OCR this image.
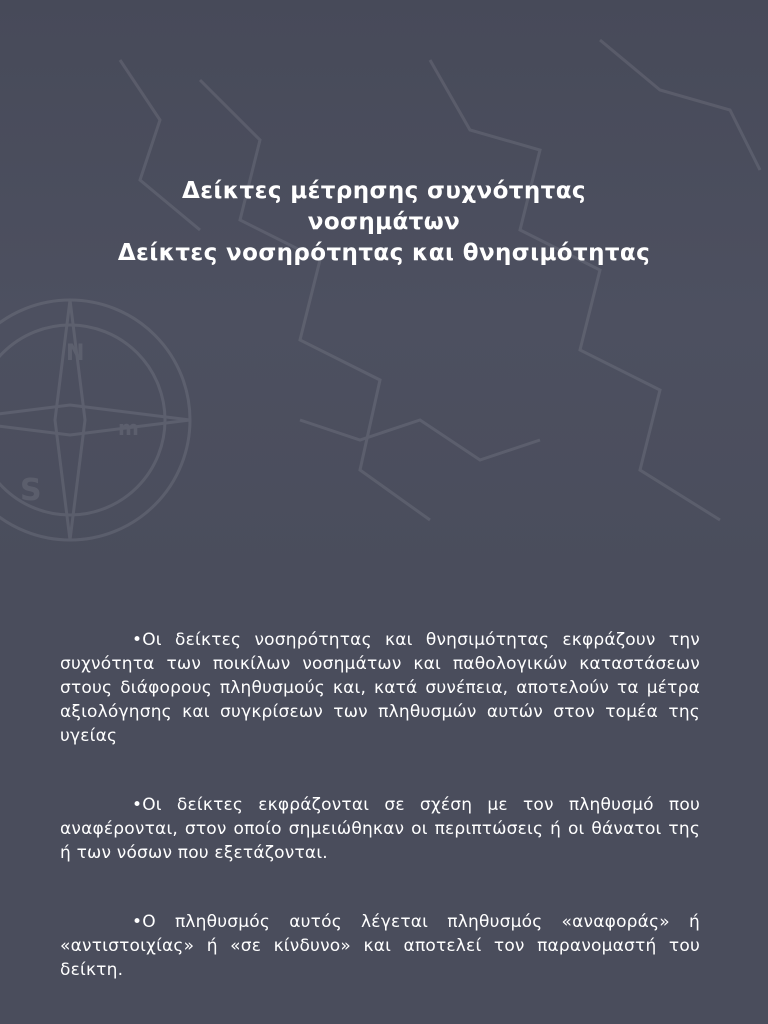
S
N
m
Δείκτες μέτρησης συχνότητας
νοσημάτων
Δείκτες νοσηρότητας και θνησιμότητας

•Οι δείκτες νοσηρότητας και θνησιμότητας εκφράζουν την συχνότητα των ποικίλων νοσημάτων και παθολογικών καταστάσεων στους διάφορους πληθυσμούς και, κατά συνέπεια, αποτελούν τα μέτρα αξιολόγησης και συγκρίσεων των πληθυσμών αυτών στον τομέα της υγείας

•Οι δείκτες εκφράζονται σε σχέση με τον πληθυσμό που αναφέρονται, στον οποίο σημειώθηκαν οι περιπτώσεις ή οι θάνατοι της ή των νόσων που εξετάζονται.

•Ο πληθυσμός αυτός λέγεται πληθυσμός «αναφοράς» ή «αντιστοιχίας» ή «σε κίνδυνο» και αποτελεί τον παρανομαστή του δείκτη.
